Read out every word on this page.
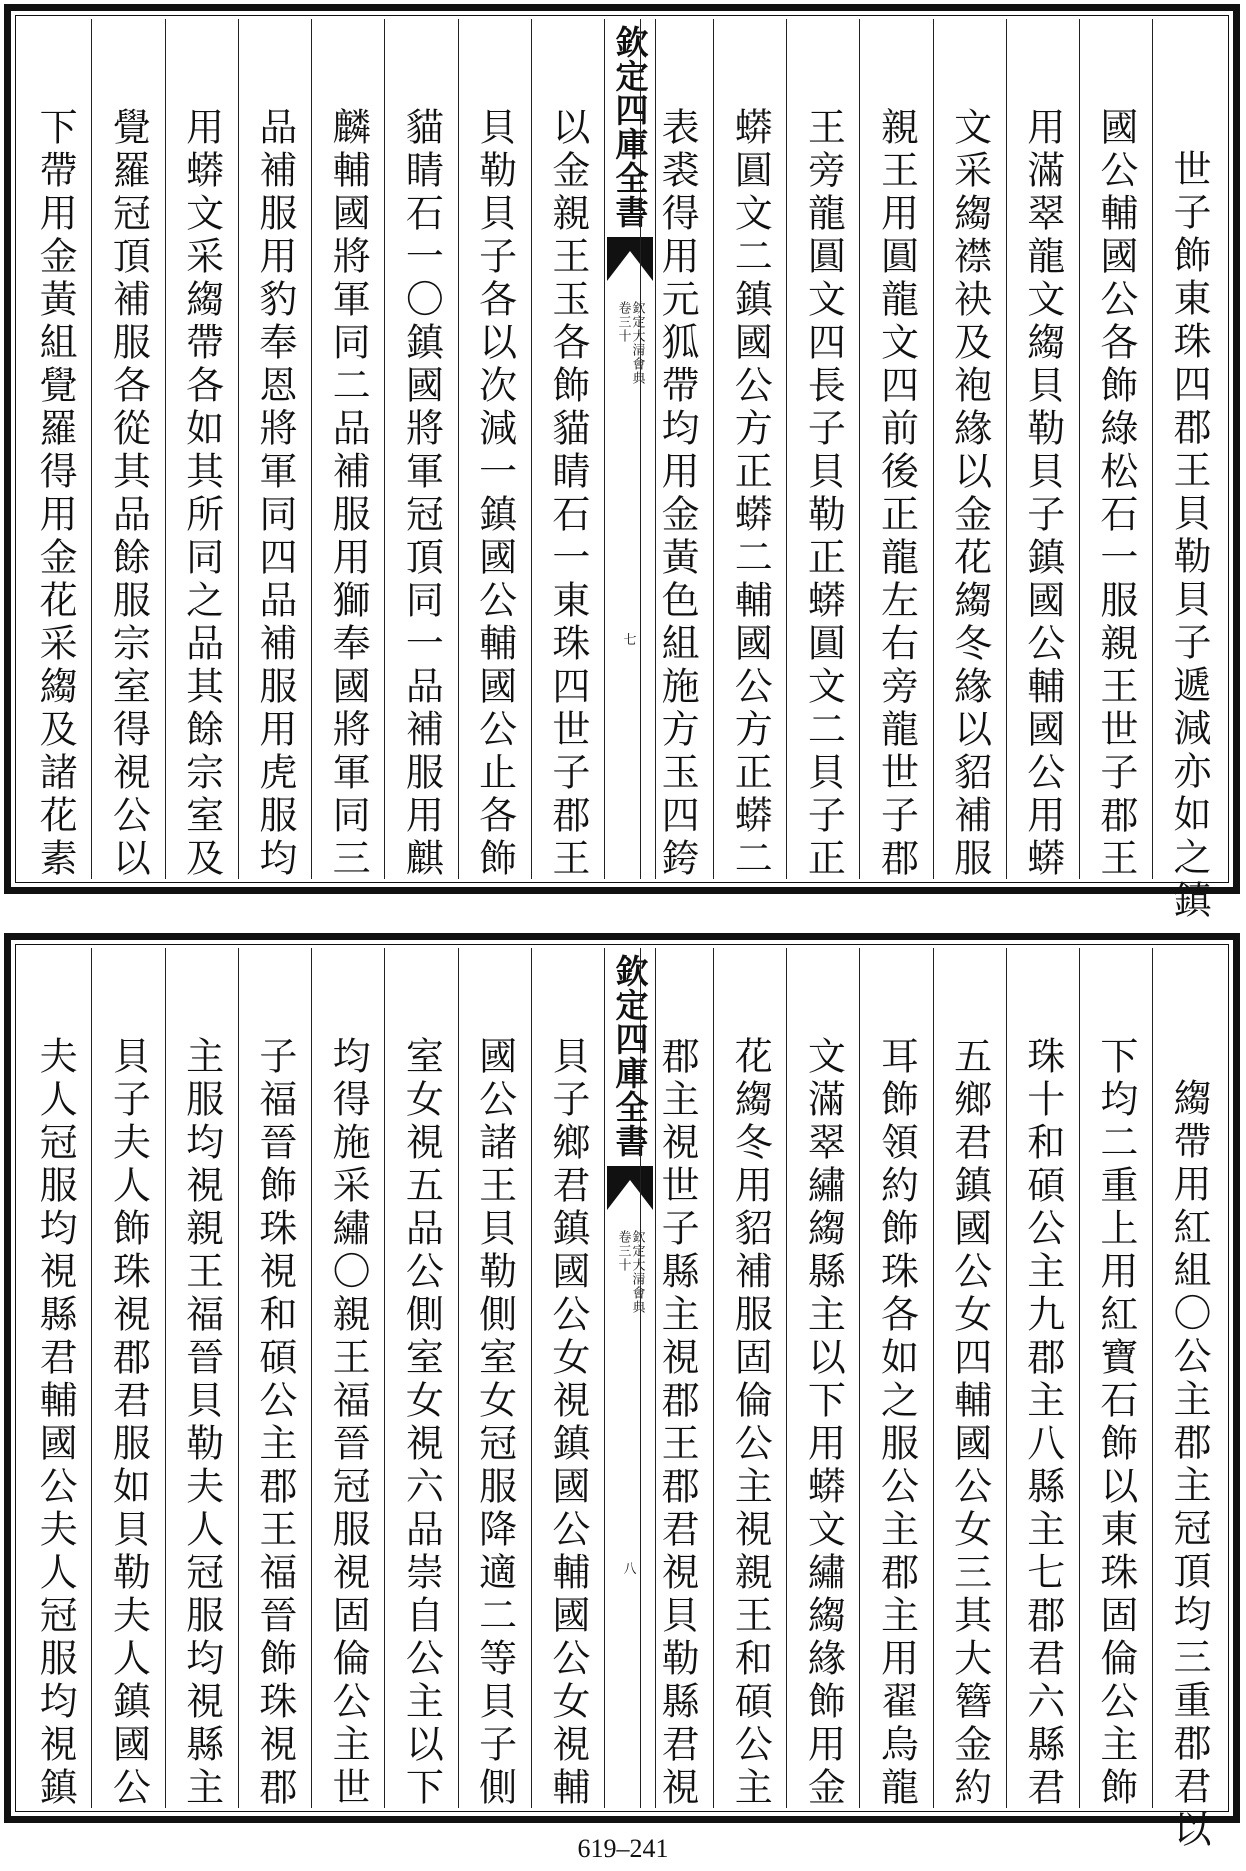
下帶用金黃組覺羅得用金花采縐及諸花素 覺羅冠頂補服各從其品餘服宗室得視公以 用蟒文采縐帶各如其所同之品其餘宗室及 品補服用豹奉恩將軍同四品補服用虎服均 麟輔國將軍同二品補服用獅奉國將軍同三 貓睛石一〇鎮國將軍冠頂同一品補服用麒 貝勒貝子各以次減一鎮國公輔國公止各飾 以金親王玉各飾貓睛石一東珠四世子郡王 欽定四庫全書
欽定大清會典
卷三十
七 表裘得用元狐帶均用金黃色組施方玉四銙 蟒圓文二鎮國公方正蟒二輔國公方正蟒二 王旁龍圓文四長子貝勒正蟒圓文二貝子正 親王用圓龍文四前後正龍左右旁龍世子郡 文采縐襟袂及袍緣以金花縐冬緣以貂補服 用滿翠龍文縐貝勒貝子鎮國公輔國公用蟒 國公輔國公各飾綠松石一服親王世子郡王 世子飾東珠四郡王貝勒貝子遞減亦如之鎮
夫人冠服均視縣君輔國公夫人冠服均視鎮 貝子夫人飾珠視郡君服如貝勒夫人鎮國公 主服均視親王福晉貝勒夫人冠服均視縣主 子福晉飾珠視和碩公主郡王福晉飾珠視郡 均得施采繡〇親王福晉冠服視固倫公主世 室女視五品公側室女視六品崇自公主以下 國公諸王貝勒側室女冠服降適二等貝子側 貝子鄉君鎮國公女視鎮國公輔國公女視輔 欽定四庫全書
欽定大清會典
卷三十
八 郡主視世子縣主視郡王郡君視貝勒縣君視 花縐冬用貂補服固倫公主視親王和碩公主 文滿翠繡縐縣主以下用蟒文繡縐緣飾用金 耳飾領約飾珠各如之服公主郡主用翟烏龍 五鄉君鎮國公女四輔國公女三其大簪金約 珠十和碩公主九郡主八縣主七郡君六縣君 下均二重上用紅寶石飾以東珠固倫公主飾 縐帶用紅組〇公主郡主冠頂均三重郡君以
619–241
